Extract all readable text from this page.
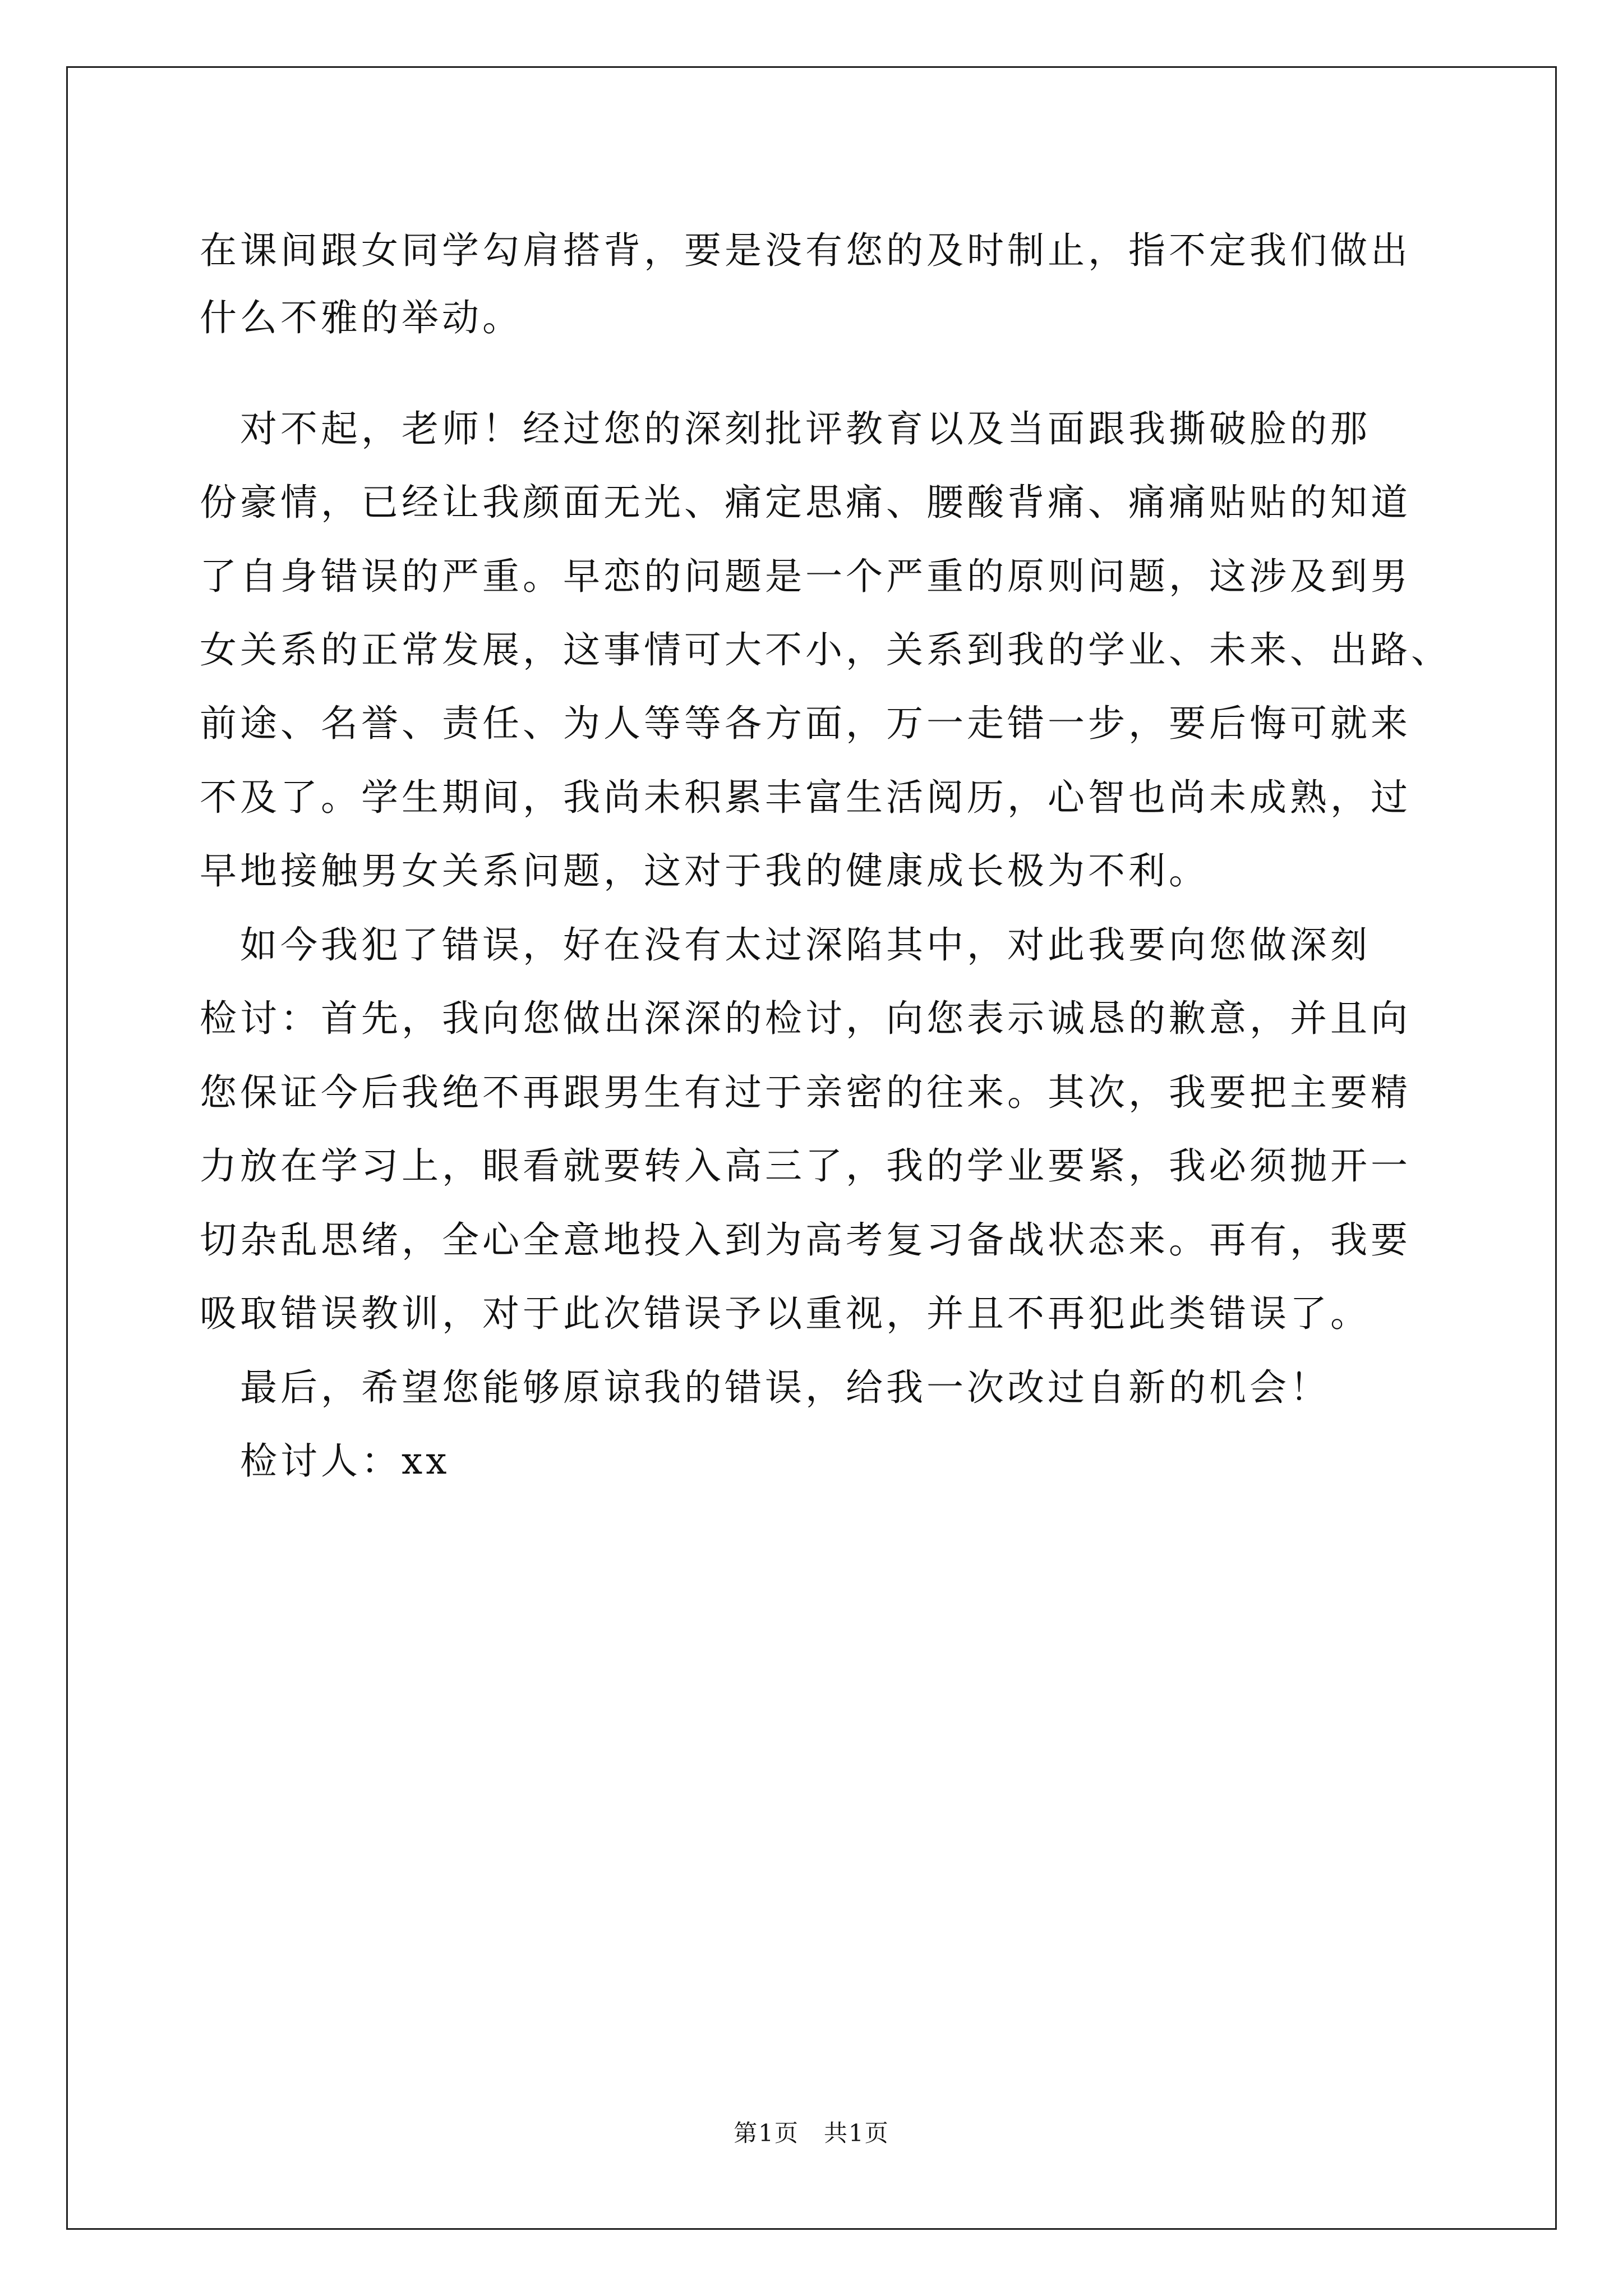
在课间跟女同学勾肩搭背，要是没有您的及时制止，指不定我们做出
什么不雅的举动。
　对不起，老师！经过您的深刻批评教育以及当面跟我撕破脸的那
份豪情，已经让我颜面无光、痛定思痛、腰酸背痛、痛痛贴贴的知道
了自身错误的严重。早恋的问题是一个严重的原则问题，这涉及到男
女关系的正常发展，这事情可大不小，关系到我的学业、未来、出路、
前途、名誉、责任、为人等等各方面，万一走错一步，要后悔可就来
不及了。学生期间，我尚未积累丰富生活阅历，心智也尚未成熟，过
早地接触男女关系问题，这对于我的健康成长极为不利。
　如今我犯了错误，好在没有太过深陷其中，对此我要向您做深刻
检讨：首先，我向您做出深深的检讨，向您表示诚恳的歉意，并且向
您保证今后我绝不再跟男生有过于亲密的往来。其次，我要把主要精
力放在学习上，眼看就要转入高三了，我的学业要紧，我必须抛开一
切杂乱思绪，全心全意地投入到为高考复习备战状态来。再有，我要
吸取错误教训，对于此次错误予以重视，并且不再犯此类错误了。
　最后，希望您能够原谅我的错误，给我一次改过自新的机会！
　检讨人：xx
第1页　共1页
